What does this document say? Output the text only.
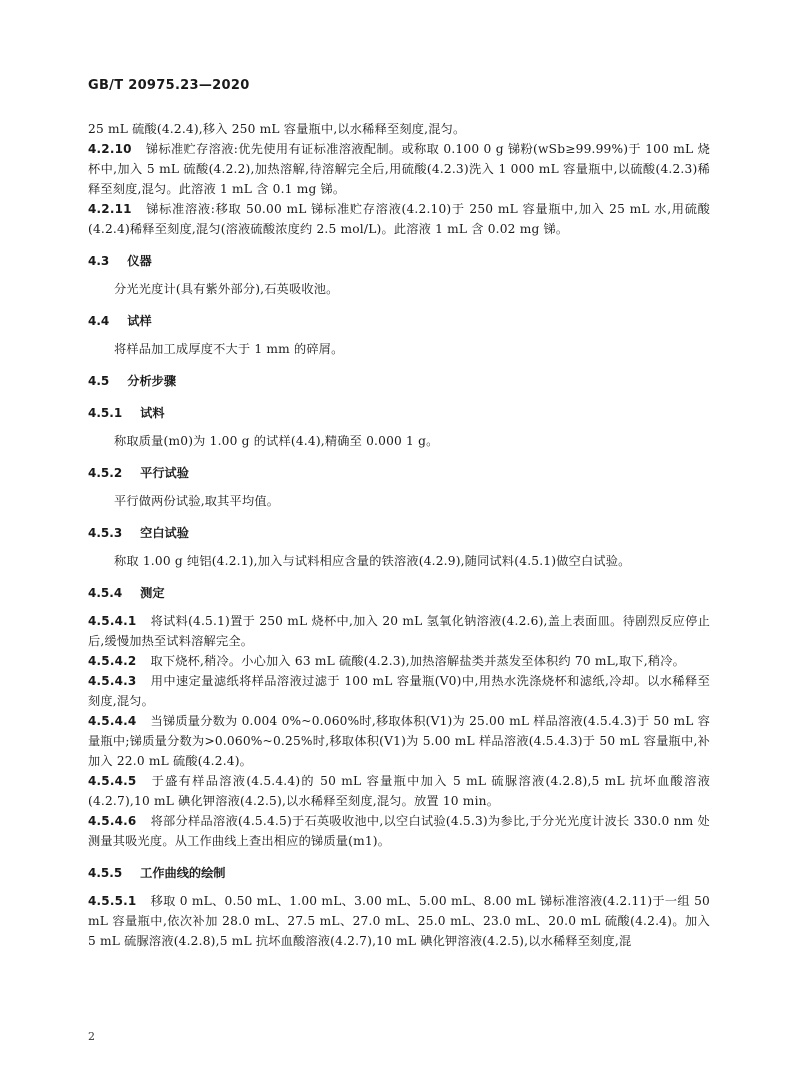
GB/T 20975.23—2020

25 mL 硫酸(4.2.4),移入 250 mL 容量瓶中,以水稀释至刻度,混匀。

4.2.10 锑标准贮存溶液:优先使用有证标准溶液配制。或称取 0.100 0 g 锑粉(wSb≥99.99%)于 100 mL 烧杯中,加入 5 mL 硫酸(4.2.2),加热溶解,待溶解完全后,用硫酸(4.2.3)洗入 1 000 mL 容量瓶中,以硫酸(4.2.3)稀释至刻度,混匀。此溶液 1 mL 含 0.1 mg 锑。

4.2.11 锑标准溶液:移取 50.00 mL 锑标准贮存溶液(4.2.10)于 250 mL 容量瓶中,加入 25 mL 水,用硫酸(4.2.4)稀释至刻度,混匀(溶液硫酸浓度约 2.5 mol/L)。此溶液 1 mL 含 0.02 mg 锑。

4.3 仪器

分光光度计(具有紫外部分),石英吸收池。

4.4 试样

将样品加工成厚度不大于 1 mm 的碎屑。

4.5 分析步骤

4.5.1 试料

称取质量(m0)为 1.00 g 的试样(4.4),精确至 0.000 1 g。

4.5.2 平行试验

平行做两份试验,取其平均值。

4.5.3 空白试验

称取 1.00 g 纯铝(4.2.1),加入与试料相应含量的铁溶液(4.2.9),随同试料(4.5.1)做空白试验。

4.5.4 测定

4.5.4.1 将试料(4.5.1)置于 250 mL 烧杯中,加入 20 mL 氢氧化钠溶液(4.2.6),盖上表面皿。待剧烈反应停止后,缓慢加热至试料溶解完全。

4.5.4.2 取下烧杯,稍冷。小心加入 63 mL 硫酸(4.2.3),加热溶解盐类并蒸发至体积约 70 mL,取下,稍冷。

4.5.4.3 用中速定量滤纸将样品溶液过滤于 100 mL 容量瓶(V0)中,用热水洗涤烧杯和滤纸,冷却。以水稀释至刻度,混匀。

4.5.4.4 当锑质量分数为 0.004 0%~0.060%时,移取体积(V1)为 25.00 mL 样品溶液(4.5.4.3)于 50 mL 容量瓶中;锑质量分数为>0.060%~0.25%时,移取体积(V1)为 5.00 mL 样品溶液(4.5.4.3)于 50 mL 容量瓶中,补加入 22.0 mL 硫酸(4.2.4)。

4.5.4.5 于盛有样品溶液(4.5.4.4)的 50 mL 容量瓶中加入 5 mL 硫脲溶液(4.2.8),5 mL 抗坏血酸溶液(4.2.7),10 mL 碘化钾溶液(4.2.5),以水稀释至刻度,混匀。放置 10 min。

4.5.4.6 将部分样品溶液(4.5.4.5)于石英吸收池中,以空白试验(4.5.3)为参比,于分光光度计波长 330.0 nm 处测量其吸光度。从工作曲线上查出相应的锑质量(m1)。

4.5.5 工作曲线的绘制

4.5.5.1 移取 0 mL、0.50 mL、1.00 mL、3.00 mL、5.00 mL、8.00 mL 锑标准溶液(4.2.11)于一组 50 mL 容量瓶中,依次补加 28.0 mL、27.5 mL、27.0 mL、25.0 mL、23.0 mL、20.0 mL 硫酸(4.2.4)。加入 5 mL 硫脲溶液(4.2.8),5 mL 抗坏血酸溶液(4.2.7),10 mL 碘化钾溶液(4.2.5),以水稀释至刻度,混

2
